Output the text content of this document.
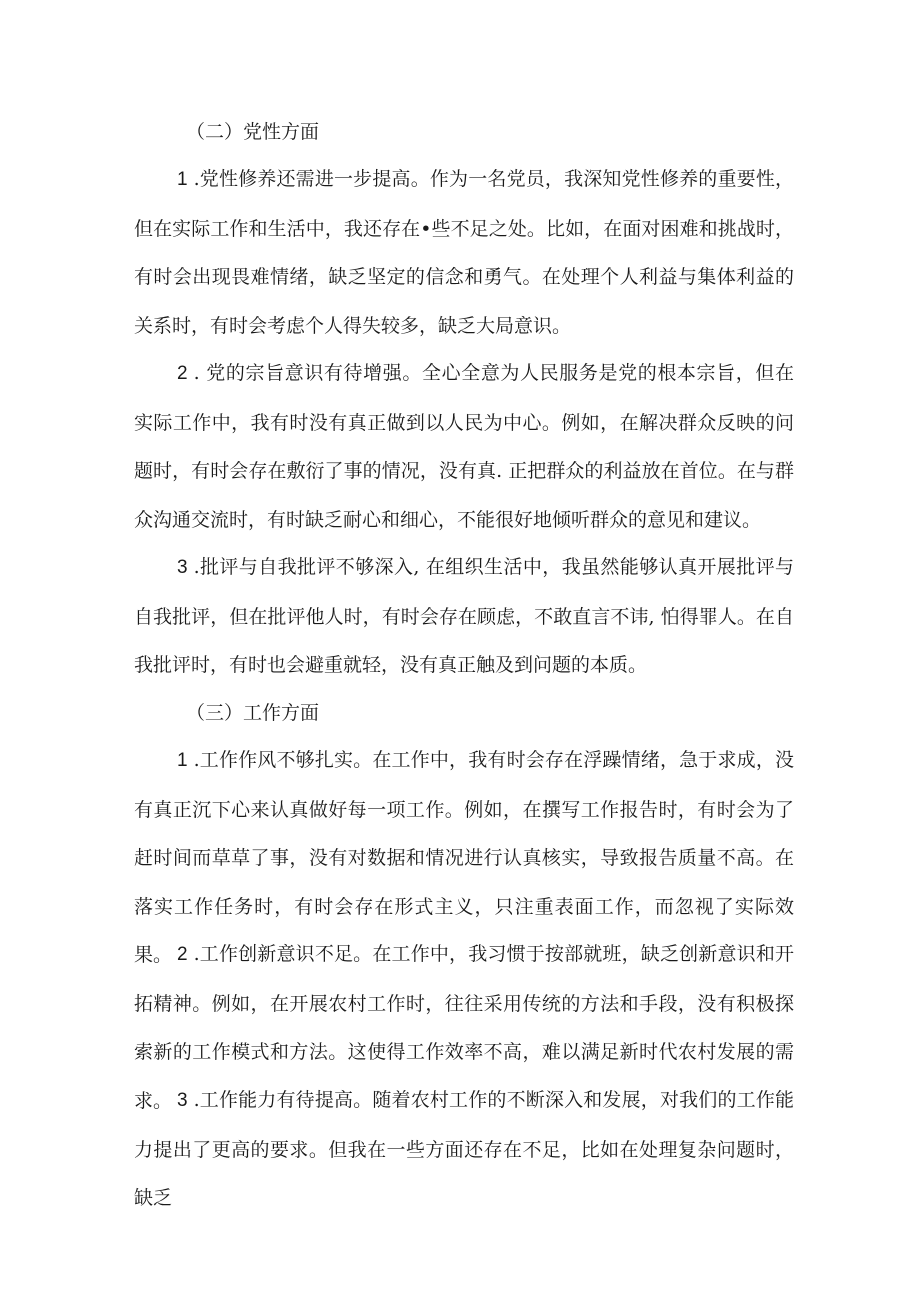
（二）党性方面

1 .党性修养还需进一步提高。作为一名党员，我深知党性修养的重要性，但在实际工作和生活中，我还存在•些不足之处。比如，在面对困难和挑战时，有时会出现畏难情绪，缺乏坚定的信念和勇气。在处理个人利益与集体利益的关系时，有时会考虑个人得失较多，缺乏大局意识。

2 . 党的宗旨意识有待增强。全心全意为人民服务是党的根本宗旨，但在实际工作中，我有时没有真正做到以人民为中心。例如，在解决群众反映的问题时，有时会存在敷衍了事的情况，没有真. 正把群众的利益放在首位。在与群众沟通交流时，有时缺乏耐心和细心，不能很好地倾听群众的意见和建议。

3 .批评与自我批评不够深入, 在组织生活中，我虽然能够认真开展批评与自我批评，但在批评他人时，有时会存在顾虑，不敢直言不讳, 怕得罪人。在自我批评时，有时也会避重就轻，没有真正触及到问题的本质。

（三）工作方面

1 .工作作风不够扎实。在工作中，我有时会存在浮躁情绪，急于求成，没有真正沉下心来认真做好每一项工作。例如，在撰写工作报告时，有时会为了赶时间而草草了事，没有对数据和情况进行认真核实，导致报告质量不高。在落实工作任务时，有时会存在形式主义，只注重表面工作，而忽视了实际效果。 2 .工作创新意识不足。在工作中，我习惯于按部就班，缺乏创新意识和开拓精神。例如，在开展农村工作时，往往采用传统的方法和手段，没有积极探索新的工作模式和方法。这使得工作效率不高，难以满足新时代农村发展的需求。 3 .工作能力有待提高。随着农村工作的不断深入和发展，对我们的工作能力提出了更高的要求。但我在一些方面还存在不足，比如在处理复杂问题时，缺乏
